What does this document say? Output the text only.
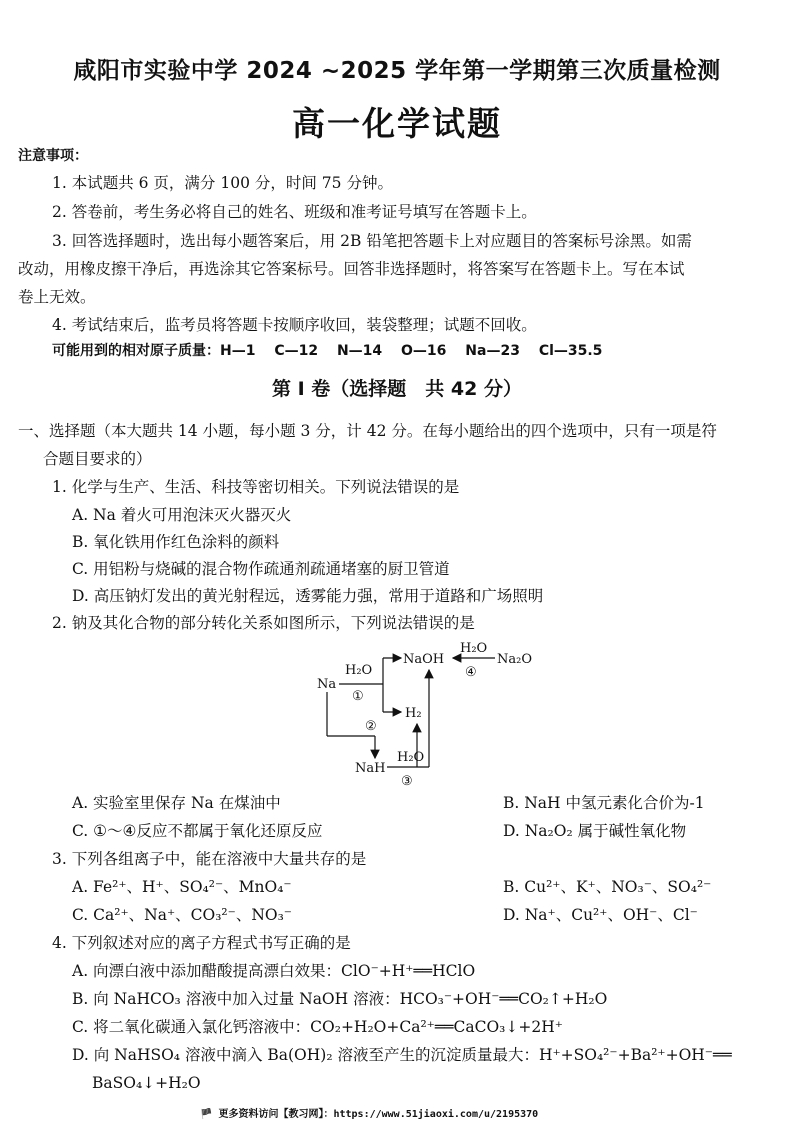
咸阳市实验中学 2024 ~2025 学年第一学期第三次质量检测
高一化学试题
注意事项：
1. 本试题共 6 页，满分 100 分，时间 75 分钟。
2. 答卷前，考生务必将自己的姓名、班级和准考证号填写在答题卡上。
3. 回答选择题时，选出每小题答案后，用 2B 铅笔把答题卡上对应题目的答案标号涂黑。如需
改动，用橡皮擦干净后，再选涂其它答案标号。回答非选择题时，将答案写在答题卡上。写在本试
卷上无效。
4. 考试结束后，监考员将答题卡按顺序收回，装袋整理；试题不回收。
可能用到的相对原子质量：H—1　 C—12　 N—14　 O—16　 Na—23　 Cl—35.5
第 Ⅰ 卷（选择题　共 42 分）
一、选择题（本大题共 14 小题，每小题 3 分，计 42 分。在每小题给出的四个选项中，只有一项是符
合题目要求的）
1. 化学与生产、生活、科技等密切相关。下列说法错误的是
A. Na 着火可用泡沫灭火器灭火
B. 氧化铁用作红色涂料的颜料
C. 用铝粉与烧碱的混合物作疏通剂疏通堵塞的厨卫管道
D. 高压钠灯发出的黄光射程远，透雾能力强，常用于道路和广场照明
2. 钠及其化合物的部分转化关系如图所示，下列说法错误的是
Na
H₂O
①
NaOH
H₂O
④
Na₂O
H₂
②
NaH
H₂O
③
A. 实验室里保存 Na 在煤油中	B. NaH 中氢元素化合价为-1
C. ①～④反应不都属于氧化还原反应	D. Na₂O₂ 属于碱性氧化物
3. 下列各组离子中，能在溶液中大量共存的是
A. Fe²⁺、H⁺、SO₄²⁻、MnO₄⁻	B. Cu²⁺、K⁺、NO₃⁻、SO₄²⁻
C. Ca²⁺、Na⁺、CO₃²⁻、NO₃⁻	D. Na⁺、Cu²⁺、OH⁻、Cl⁻
4. 下列叙述对应的离子方程式书写正确的是
A. 向漂白液中添加醋酸提高漂白效果：ClO⁻+H⁺══HClO
B. 向 NaHCO₃ 溶液中加入过量 NaOH 溶液：HCO₃⁻+OH⁻══CO₂↑+H₂O
C. 将二氧化碳通入氯化钙溶液中：CO₂+H₂O+Ca²⁺══CaCO₃↓+2H⁺
D. 向 NaHSO₄ 溶液中滴入 Ba(OH)₂ 溶液至产生的沉淀质量最大：H⁺+SO₄²⁻+Ba²⁺+OH⁻══
BaSO₄↓+H₂O
🏴 更多资料访问【教习网】：https://www.51jiaoxi.com/u/2195370
